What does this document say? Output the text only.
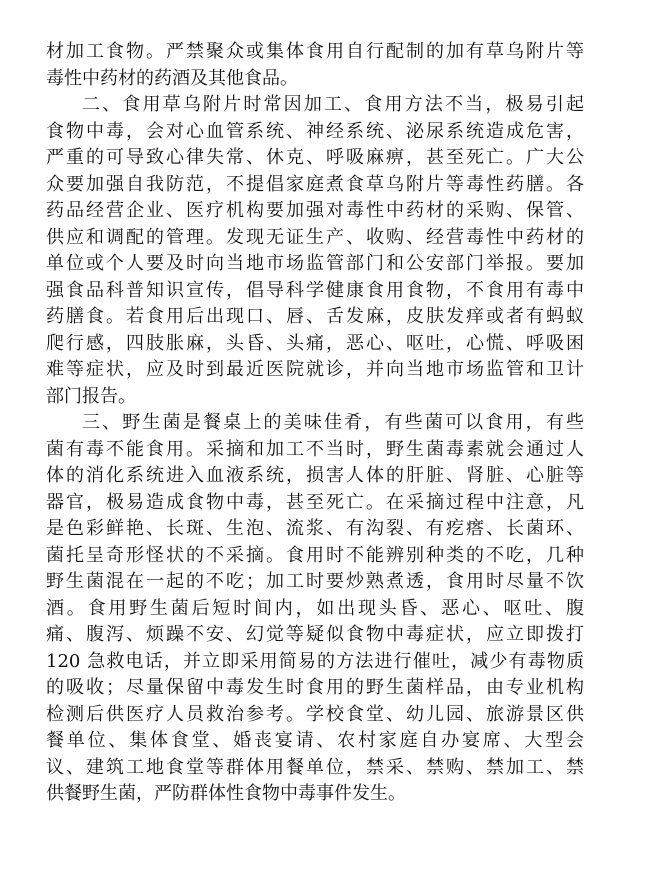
材加工食物。严禁聚众或集体食用自行配制的加有草乌附片等
毒性中药材的药酒及其他食品。
二、食用草乌附片时常因加工、食用方法不当，极易引起
食物中毒，会对心血管系统、神经系统、泌尿系统造成危害，
严重的可导致心律失常、休克、呼吸麻痹，甚至死亡。广大公
众要加强自我防范，不提倡家庭煮食草乌附片等毒性药膳。各
药品经营企业、医疗机构要加强对毒性中药材的采购、保管、
供应和调配的管理。发现无证生产、收购、经营毒性中药材的
单位或个人要及时向当地市场监管部门和公安部门举报。要加
强食品科普知识宣传，倡导科学健康食用食物，不食用有毒中
药膳食。若食用后出现口、唇、舌发麻，皮肤发痒或者有蚂蚁
爬行感，四肢胀麻，头昏、头痛，恶心、呕吐，心慌、呼吸困
难等症状，应及时到最近医院就诊，并向当地市场监管和卫计
部门报告。
三、野生菌是餐桌上的美味佳肴，有些菌可以食用，有些
菌有毒不能食用。采摘和加工不当时，野生菌毒素就会通过人
体的消化系统进入血液系统，损害人体的肝脏、肾脏、心脏等
器官，极易造成食物中毒，甚至死亡。在采摘过程中注意，凡
是色彩鲜艳、长斑、生泡、流浆、有沟裂、有疙瘩、长菌环、
菌托呈奇形怪状的不采摘。食用时不能辨别种类的不吃，几种
野生菌混在一起的不吃；加工时要炒熟煮透，食用时尽量不饮
酒。食用野生菌后短时间内，如出现头昏、恶心、呕吐、腹
痛、腹泻、烦躁不安、幻觉等疑似食物中毒症状，应立即拨打
120 急救电话，并立即采用简易的方法进行催吐，减少有毒物质
的吸收；尽量保留中毒发生时食用的野生菌样品，由专业机构
检测后供医疗人员救治参考。学校食堂、幼儿园、旅游景区供
餐单位、集体食堂、婚丧宴请、农村家庭自办宴席、大型会
议、建筑工地食堂等群体用餐单位，禁采、禁购、禁加工、禁
供餐野生菌，严防群体性食物中毒事件发生。
